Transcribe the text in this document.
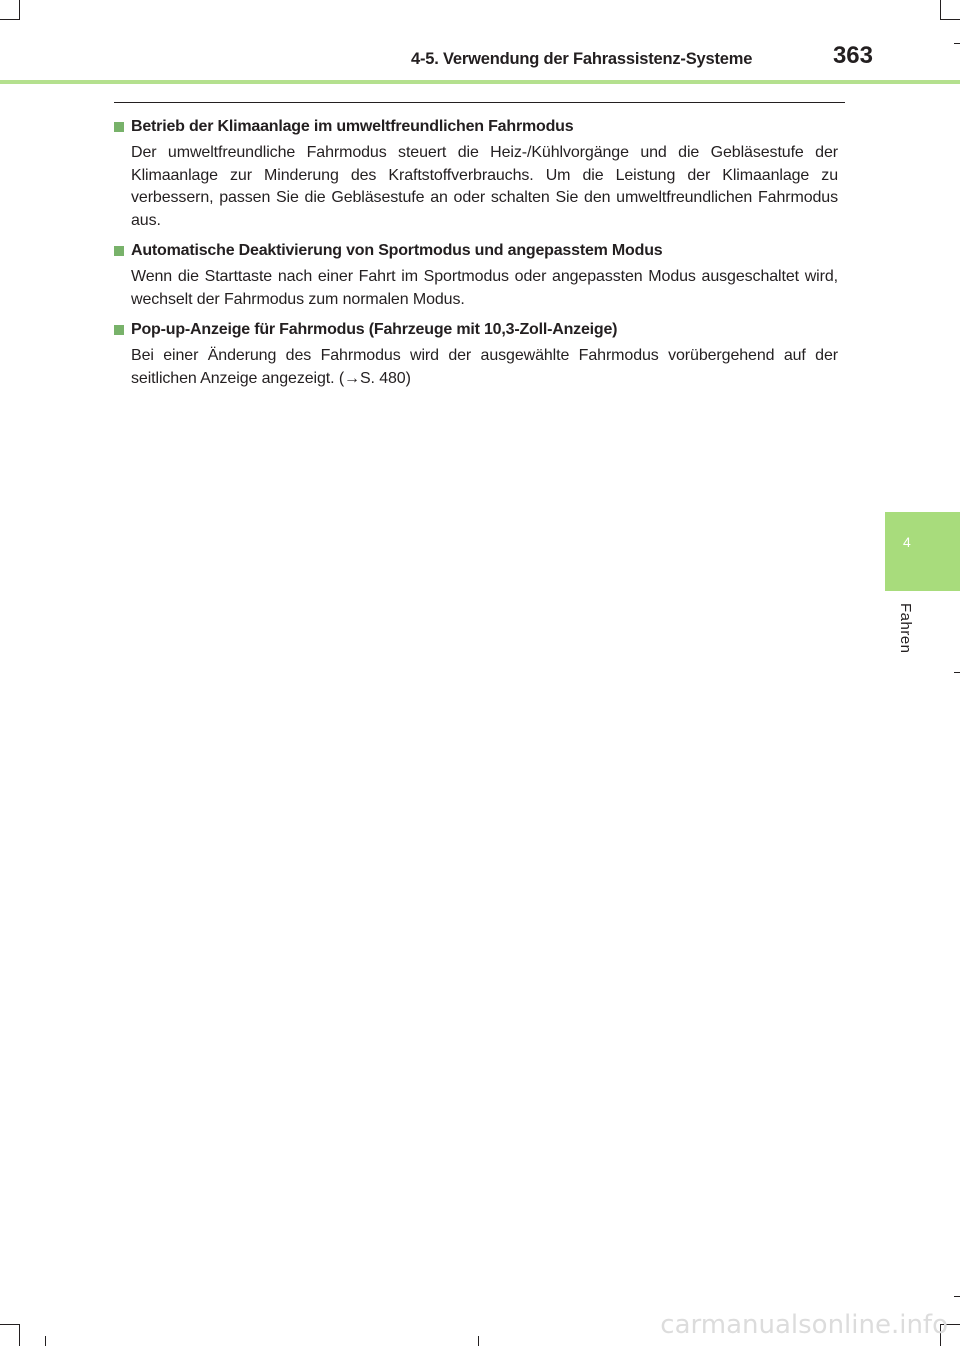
4-5. Verwendung der Fahrassistenz-Systeme	363
Betrieb der Klimaanlage im umweltfreundlichen Fahrmodus
Der umweltfreundliche Fahrmodus steuert die Heiz-/Kühlvorgänge und die Gebläsestufe der Klimaanlage zur Minderung des Kraftstoffverbrauchs. Um die Leistung der Klimaanlage zu verbessern, passen Sie die Gebläsestufe an oder schalten Sie den umweltfreundlichen Fahrmodus aus.
Automatische Deaktivierung von Sportmodus und angepasstem Modus
Wenn die Starttaste nach einer Fahrt im Sportmodus oder angepassten Modus ausgeschaltet wird, wechselt der Fahrmodus zum normalen Modus.
Pop-up-Anzeige für Fahrmodus (Fahrzeuge mit 10,3-Zoll-Anzeige)
Bei einer Änderung des Fahrmodus wird der ausgewählte Fahrmodus vorübergehend auf der seitlichen Anzeige angezeigt. (→S. 480)
4
Fahren
carmanualsonline.info
